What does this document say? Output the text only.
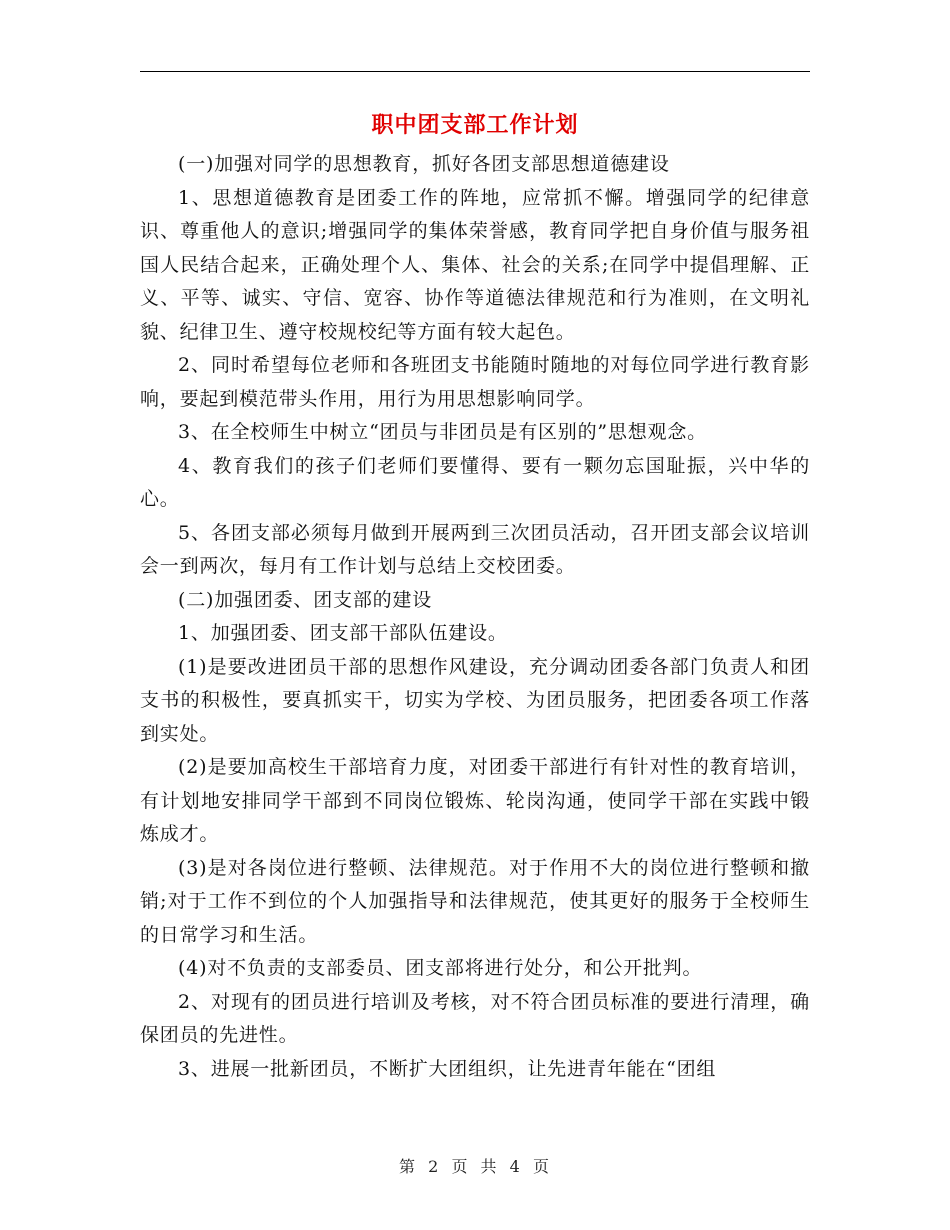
职中团支部工作计划

(一)加强对同学的思想教育，抓好各团支部思想道德建设

1、思想道德教育是团委工作的阵地，应常抓不懈。增强同学的纪律意识、尊重他人的意识;增强同学的集体荣誉感，教育同学把自身价值与服务祖国人民结合起来，正确处理个人、集体、社会的关系;在同学中提倡理解、正义、平等、诚实、守信、宽容、协作等道德法律规范和行为准则，在文明礼貌、纪律卫生、遵守校规校纪等方面有较大起色。

2、同时希望每位老师和各班团支书能随时随地的对每位同学进行教育影响，要起到模范带头作用，用行为用思想影响同学。

3、在全校师生中树立“团员与非团员是有区别的”思想观念。

4、教育我们的孩子们老师们要懂得、要有一颗勿忘国耻振，兴中华的心。

5、各团支部必须每月做到开展两到三次团员活动，召开团支部会议培训会一到两次，每月有工作计划与总结上交校团委。

(二)加强团委、团支部的建设

1、加强团委、团支部干部队伍建设。

(1)是要改进团员干部的思想作风建设，充分调动团委各部门负责人和团支书的积极性，要真抓实干，切实为学校、为团员服务，把团委各项工作落到实处。

(2)是要加高校生干部培育力度，对团委干部进行有针对性的教育培训，有计划地安排同学干部到不同岗位锻炼、轮岗沟通，使同学干部在实践中锻炼成才。

(3)是对各岗位进行整顿、法律规范。对于作用不大的岗位进行整顿和撤销;对于工作不到位的个人加强指导和法律规范，使其更好的服务于全校师生的日常学习和生活。

(4)对不负责的支部委员、团支部将进行处分，和公开批判。

2、对现有的团员进行培训及考核，对不符合团员标准的要进行清理，确保团员的先进性。

3、进展一批新团员，不断扩大团组织，让先进青年能在“团组

第 2 页 共 4 页
